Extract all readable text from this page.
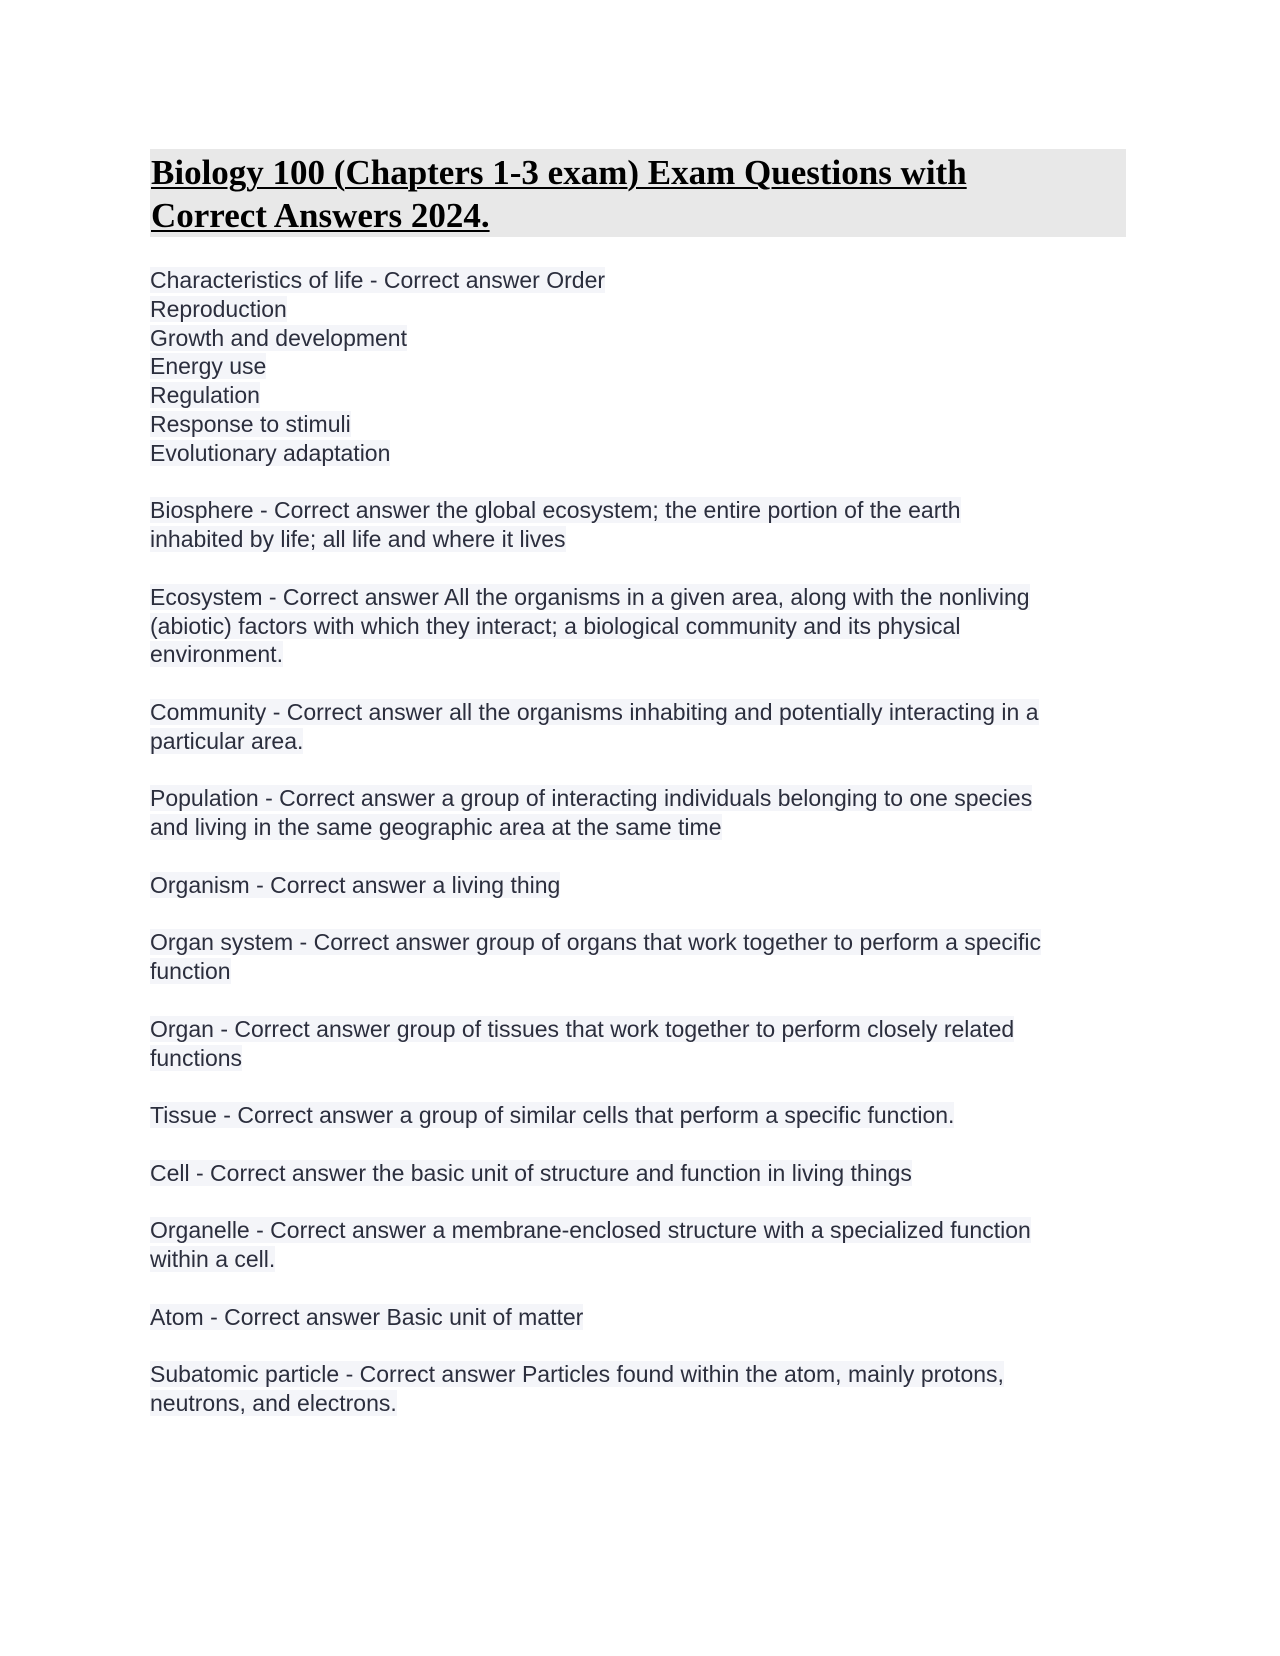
Biology 100 (Chapters 1-3 exam) Exam Questions with
Correct Answers 2024.
Characteristics of life - Correct answer Order
Reproduction
Growth and development
Energy use
Regulation
Response to stimuli
Evolutionary adaptation
Biosphere - Correct answer the global ecosystem; the entire portion of the earth
inhabited by life; all life and where it lives
Ecosystem - Correct answer All the organisms in a given area, along with the nonliving
(abiotic) factors with which they interact; a biological community and its physical
environment.
Community - Correct answer all the organisms inhabiting and potentially interacting in a
particular area.
Population - Correct answer a group of interacting individuals belonging to one species
and living in the same geographic area at the same time
Organism - Correct answer a living thing
Organ system - Correct answer group of organs that work together to perform a specific
function
Organ - Correct answer group of tissues that work together to perform closely related
functions
Tissue - Correct answer a group of similar cells that perform a specific function.
Cell - Correct answer the basic unit of structure and function in living things
Organelle - Correct answer a membrane-enclosed structure with a specialized function
within a cell.
Atom - Correct answer Basic unit of matter
Subatomic particle - Correct answer Particles found within the atom, mainly protons,
neutrons, and electrons.
